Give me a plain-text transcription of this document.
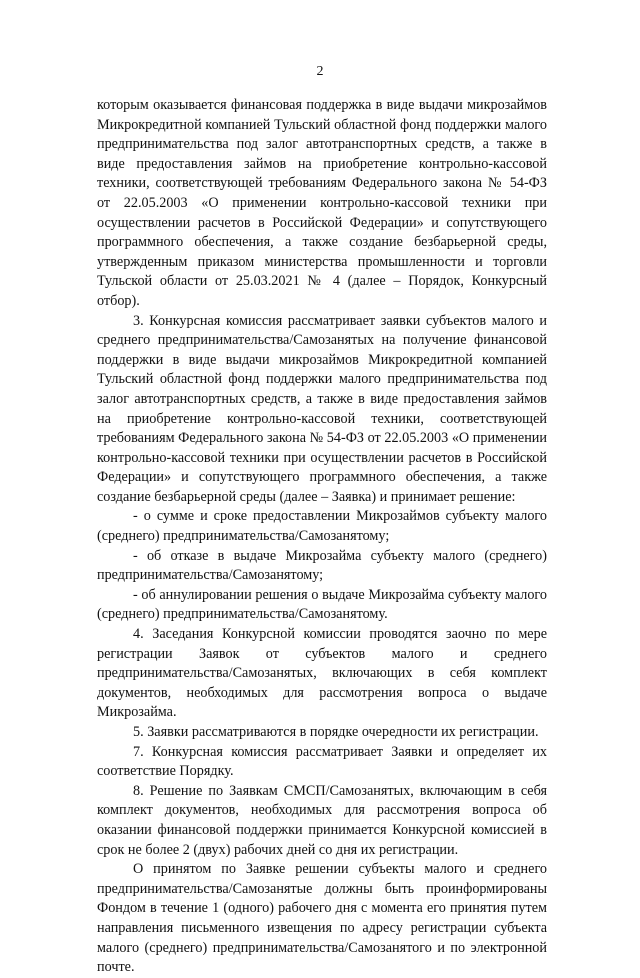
2

которым оказывается финансовая поддержка в виде выдачи микрозаймов Микрокредитной компанией Тульский областной фонд поддержки малого предпринимательства под залог автотранспортных средств, а также в виде предоставления займов на приобретение контрольно-кассовой техники, соответствующей требованиям Федерального закона № 54-ФЗ от 22.05.2003 «О применении контрольно-кассовой техники при осуществлении расчетов в Российской Федерации» и сопутствующего программного обеспечения, а также создание безбарьерной среды, утвержденным приказом министерства промышленности и торговли Тульской области от 25.03.2021 № 4 (далее – Порядок, Конкурсный отбор).

3. Конкурсная комиссия рассматривает заявки субъектов малого и среднего предпринимательства/Самозанятых на получение финансовой поддержки в виде выдачи микрозаймов Микрокредитной компанией Тульский областной фонд поддержки малого предпринимательства под залог автотранспортных средств, а также в виде предоставления займов на приобретение контрольно-кассовой техники, соответствующей требованиям Федерального закона № 54-ФЗ от 22.05.2003 «О применении контрольно-кассовой техники при осуществлении расчетов в Российской Федерации» и сопутствующего программного обеспечения, а также создание безбарьерной среды (далее – Заявка) и принимает решение:

- о сумме и сроке предоставлении Микрозаймов субъекту малого (среднего) предпринимательства/Самозанятому;

- об отказе в выдаче Микрозайма субъекту малого (среднего) предпринимательства/Самозанятому;

- об аннулировании решения о выдаче Микрозайма субъекту малого (среднего) предпринимательства/Самозанятому.

4. Заседания Конкурсной комиссии проводятся заочно по мере регистрации Заявок от субъектов малого и среднего предпринимательства/Самозанятых, включающих в себя комплект документов, необходимых для рассмотрения вопроса о выдаче Микрозайма.

5. Заявки рассматриваются в порядке очередности их регистрации.

7. Конкурсная комиссия рассматривает Заявки и определяет их соответствие Порядку.

8. Решение по Заявкам СМСП/Самозанятых, включающим в себя комплект документов, необходимых для рассмотрения вопроса об оказании финансовой поддержки принимается Конкурсной комиссией в срок не более 2 (двух) рабочих дней со дня их регистрации.

О принятом по Заявке решении субъекты малого и среднего предпринимательства/Самозанятые должны быть проинформированы Фондом в течение 1 (одного) рабочего дня с момента его принятия путем направления письменного извещения по адресу регистрации субъекта малого (среднего) предпринимательства/Самозанятого и по электронной почте.
